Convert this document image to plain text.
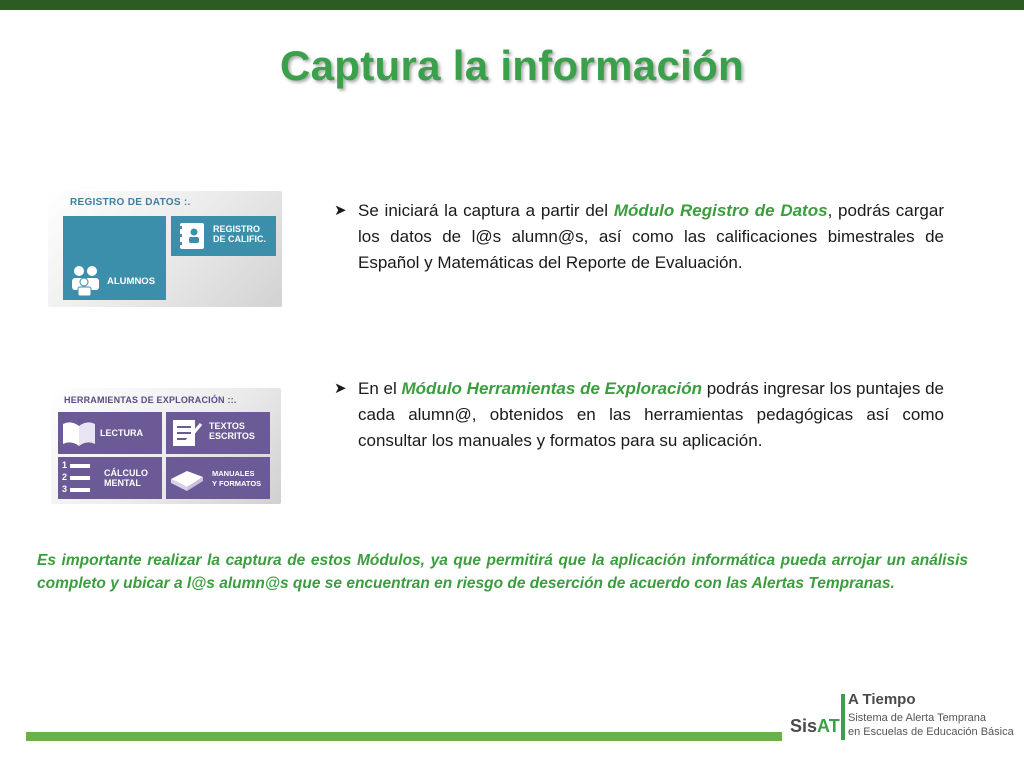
Captura la información
REGISTRO DE DATOS :.
ALUMNOS
REGISTRO
DE CALIFIC.
HERRAMIENTAS DE EXPLORACIÓN ::.
LECTURA
TEXTOS
ESCRITOS
1
2
3
CÁLCULO
MENTAL
MANUALES
Y FORMATOS
➤ Se iniciará la captura a partir del Módulo Registro de Datos, podrás cargar los datos de l@s alumn@s, así como las calificaciones bimestrales de Español y Matemáticas del Reporte de Evaluación.
➤ En el Módulo Herramientas de Exploración podrás ingresar los puntajes de cada alumn@, obtenidos en las herramientas pedagógicas así como consultar los manuales y formatos para su aplicación.
Es importante realizar la captura de estos Módulos, ya que permitirá que la aplicación informática pueda arrojar un análisis completo y ubicar a l@s alumn@s que se encuentran en riesgo de deserción de acuerdo con las Alertas Tempranas.
SisAT
A Tiempo
Sistema de Alerta Temprana
en Escuelas de Educación Básica
